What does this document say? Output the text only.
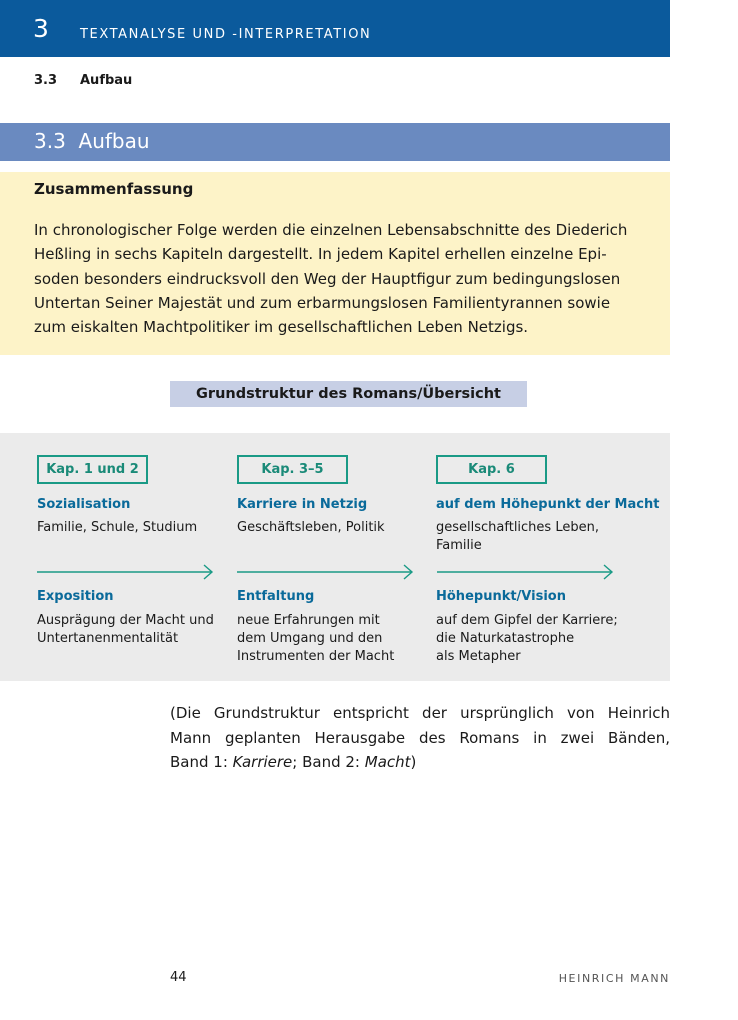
3 TEXTANALYSE UND -INTERPRETATION
3.3 Aufbau
3.3  Aufbau
Zusammenfassung
In chronologischer Folge werden die einzelnen Lebensabschnitte des Diederich
Heßling in sechs Kapiteln dargestellt. In jedem Kapitel erhellen einzelne Epi-
soden besonders eindrucksvoll den Weg der Hauptfigur zum bedingungslosen
Untertan Seiner Majestät und zum erbarmungslosen Familientyrannen sowie
zum eiskalten Machtpolitiker im gesellschaftlichen Leben Netzigs.
Grundstruktur des Romans/Übersicht
Kap. 1 und 2
Sozialisation
Familie, Schule, Studium
Exposition
Ausprägung der Macht und
Untertanenmentalität
Kap. 3–5
Karriere in Netzig
Geschäftsleben, Politik
Entfaltung
neue Erfahrungen mit
dem Umgang und den
Instrumenten der Macht
Kap. 6
auf dem Höhepunkt der Macht
gesellschaftliches Leben,
Familie
Höhepunkt/Vision
auf dem Gipfel der Karriere;
die Naturkatastrophe
als Metapher
(Die Grundstruktur entspricht der ursprünglich von Heinrich
Mann geplanten Herausgabe des Romans in zwei Bänden,
Band 1: Karriere; Band 2: Macht)
44	HEINRICH MANN
